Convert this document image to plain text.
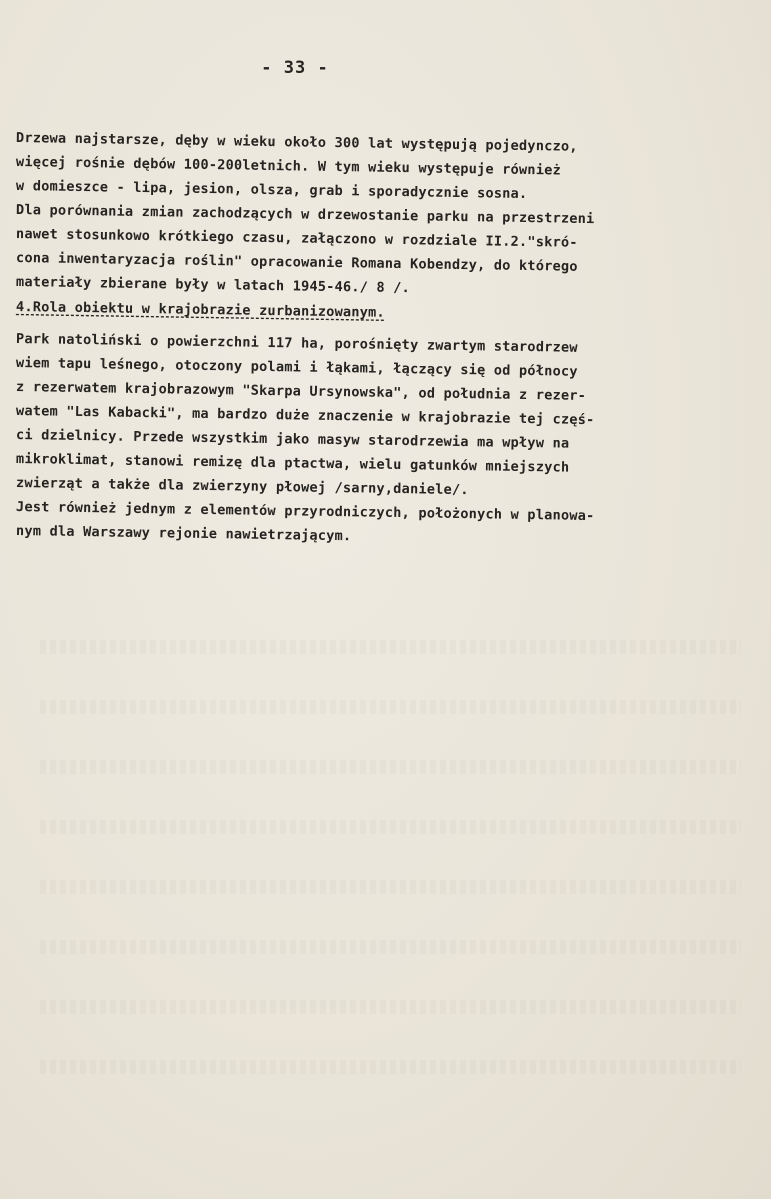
- 33 -
Drzewa najstarsze, dęby w wieku około 300 lat występują pojedynczo,
więcej rośnie dębów 100-200letnich. W tym wieku występuje również
w domieszce - lipa, jesion, olsza, grab i sporadycznie sosna.
Dla porównania zmian zachodzących w drzewostanie parku na przestrzeni
nawet stosunkowo krótkiego czasu, załączono w rozdziale II.2."skró-
cona inwentaryzacja roślin" opracowanie Romana Kobendzy, do którego
materiały zbierane były w latach 1945-46./ 8 /.
4.Rola obiektu w krajobrazie zurbanizowanym.
Park natoliński o powierzchni 117 ha, porośnięty zwartym starodrzew
wiem tapu leśnego, otoczony polami i łąkami, łączący się od północy
z rezerwatem krajobrazowym "Skarpa Ursynowska", od południa z rezer-
watem "Las Kabacki", ma bardzo duże znaczenie w krajobrazie tej częś-
ci dzielnicy. Przede wszystkim jako masyw starodrzewia ma wpływ na
mikroklimat, stanowi remizę dla ptactwa, wielu gatunków mniejszych
zwierząt a także dla zwierzyny płowej /sarny,daniele/.
Jest również jednym z elementów przyrodniczych, położonych w planowa-
nym dla Warszawy rejonie nawietrzającym.
